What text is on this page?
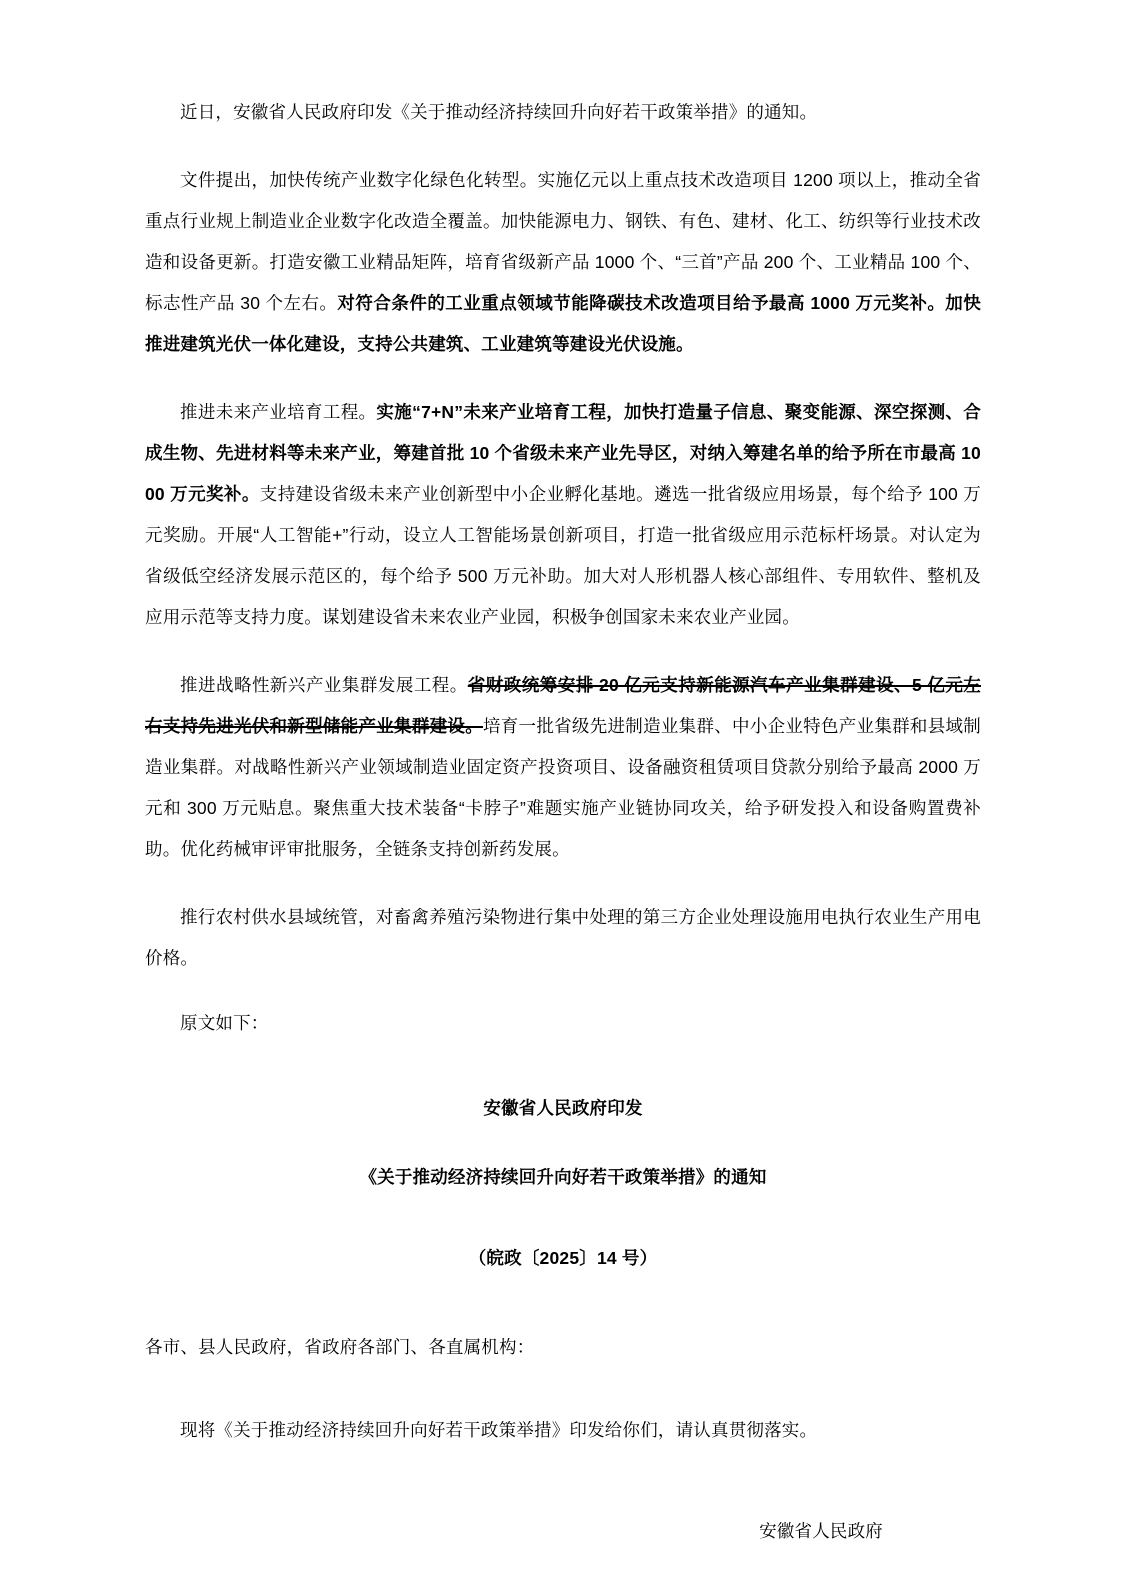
近日，安徽省人民政府印发《关于推动经济持续回升向好若干政策举措》的通知。

文件提出，加快传统产业数字化绿色化转型。实施亿元以上重点技术改造项目 1200 项以上，推动全省重点行业规上制造业企业数字化改造全覆盖。加快能源电力、钢铁、有色、建材、化工、纺织等行业技术改造和设备更新。打造安徽工业精品矩阵，培育省级新产品 1000 个、“三首”产品 200 个、工业精品 100 个、标志性产品 30 个左右。对符合条件的工业重点领域节能降碳技术改造项目给予最高 1000 万元奖补。加快推进建筑光伏一体化建设，支持公共建筑、工业建筑等建设光伏设施。

推进未来产业培育工程。实施“7+N”未来产业培育工程，加快打造量子信息、聚变能源、深空探测、合成生物、先进材料等未来产业，筹建首批 10 个省级未来产业先导区，对纳入筹建名单的给予所在市最高 1000 万元奖补。支持建设省级未来产业创新型中小企业孵化基地。遴选一批省级应用场景，每个给予 100 万元奖励。开展“人工智能+”行动，设立人工智能场景创新项目，打造一批省级应用示范标杆场景。对认定为省级低空经济发展示范区的，每个给予 500 万元补助。加大对人形机器人核心部组件、专用软件、整机及应用示范等支持力度。谋划建设省未来农业产业园，积极争创国家未来农业产业园。

推进战略性新兴产业集群发展工程。省财政统筹安排 20 亿元支持新能源汽车产业集群建设、5 亿元左右支持先进光伏和新型储能产业集群建设。培育一批省级先进制造业集群、中小企业特色产业集群和县域制造业集群。对战略性新兴产业领域制造业固定资产投资项目、设备融资租赁项目贷款分别给予最高 2000 万元和 300 万元贴息。聚焦重大技术装备“卡脖子”难题实施产业链协同攻关，给予研发投入和设备购置费补助。优化药械审评审批服务，全链条支持创新药发展。

推行农村供水县域统管，对畜禽养殖污染物进行集中处理的第三方企业处理设施用电执行农业生产用电价格。

原文如下：

安徽省人民政府印发

《关于推动经济持续回升向好若干政策举措》的通知

（皖政〔2025〕14 号）

各市、县人民政府，省政府各部门、各直属机构：

现将《关于推动经济持续回升向好若干政策举措》印发给你们，请认真贯彻落实。

安徽省人民政府
